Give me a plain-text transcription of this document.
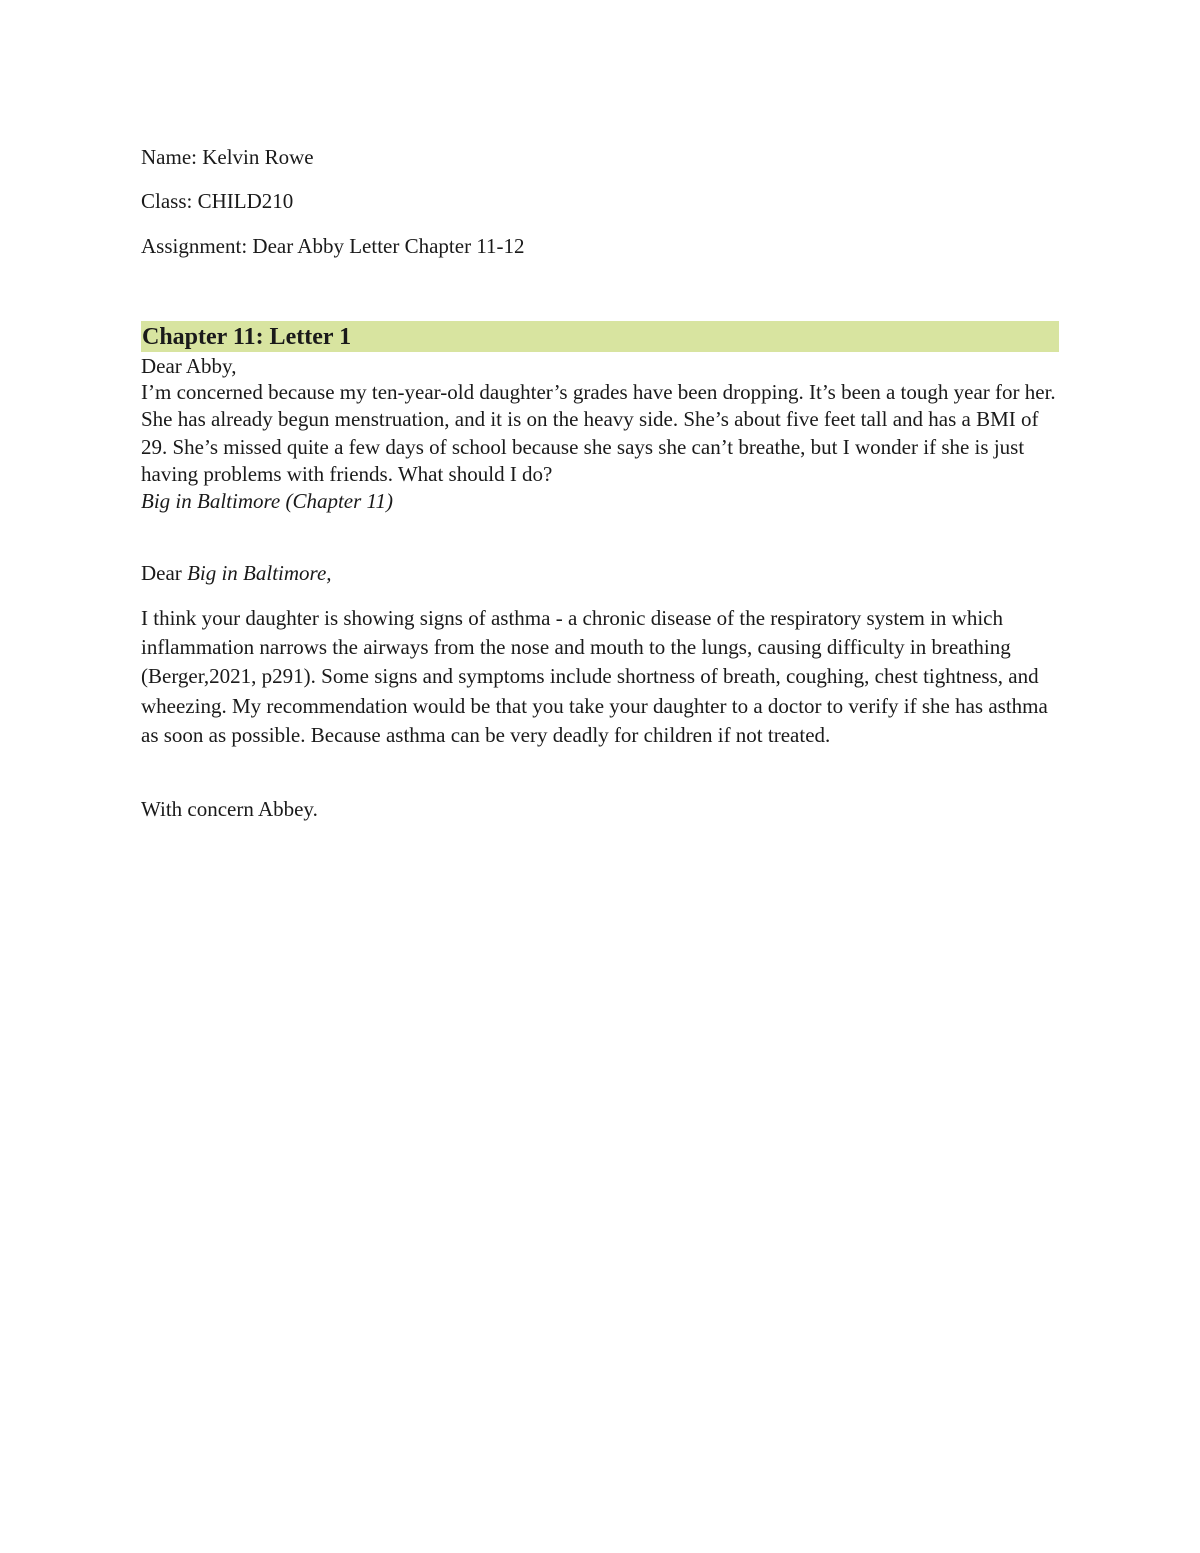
Name: Kelvin Rowe
Class: CHILD210
Assignment: Dear Abby Letter Chapter 11-12
Chapter 11: Letter 1
Dear Abby,
I’m concerned because my ten-year-old daughter’s grades have been dropping. It’s been a tough year for her. She has already begun menstruation, and it is on the heavy side. She’s about five feet tall and has a BMI of 29. She’s missed quite a few days of school because she says she can’t breathe, but I wonder if she is just having problems with friends. What should I do?
Big in Baltimore (Chapter 11)
Dear Big in Baltimore,
I think your daughter is showing signs of asthma - a chronic disease of the respiratory system in which inflammation narrows the airways from the nose and mouth to the lungs, causing difficulty in breathing (Berger,2021, p291). Some signs and symptoms include shortness of breath, coughing, chest tightness, and wheezing. My recommendation would be that you take your daughter to a doctor to verify if she has asthma as soon as possible. Because asthma can be very deadly for children if not treated.
With concern Abbey.
